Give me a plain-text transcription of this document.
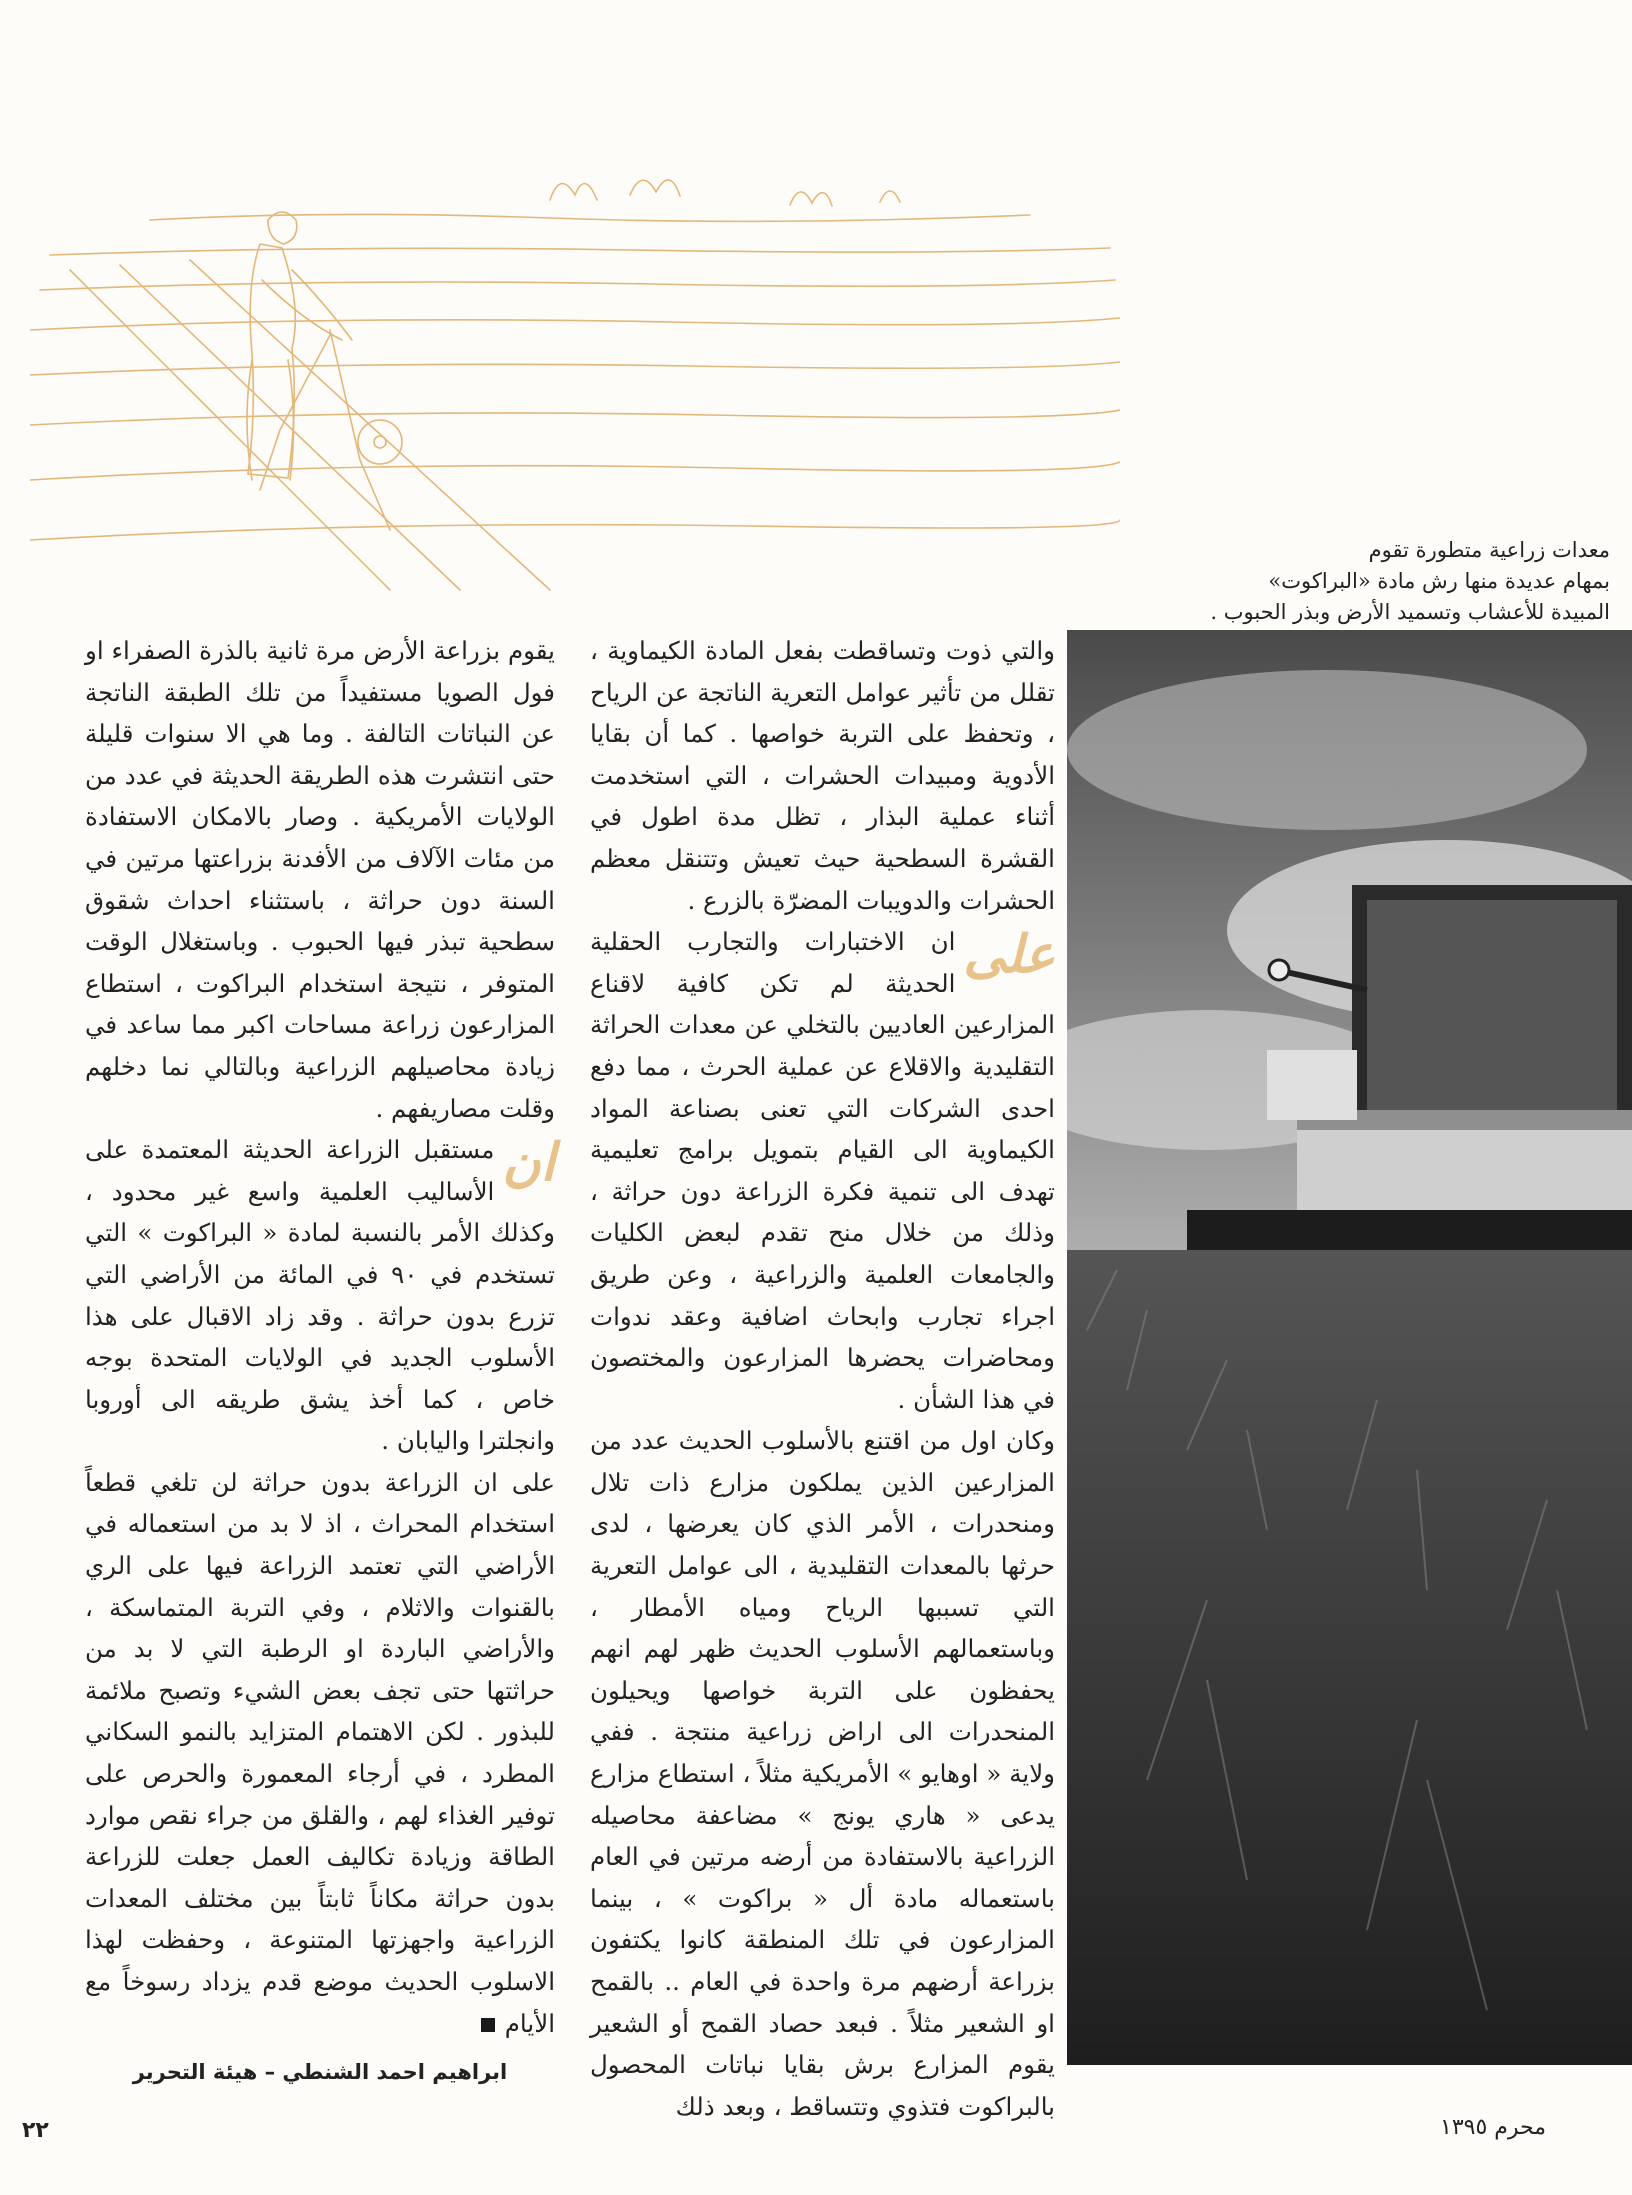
معدات زراعية متطورة تقوم

بمهام عديدة منها رش مادة «البراكوت»

المبيدة للأعشاب وتسميد الأرض وبذر الحبوب .

والتي ذوت وتساقطت بفعل المادة الكيماوية ، تقلل من تأثير عوامل التعرية الناتجة عن الرياح ، وتحفظ على التربة خواصها . كما أن بقايا الأدوية ومبيدات الحشرات ، التي استخدمت أثناء عملية البذار ، تظل مدة اطول في القشرة السطحية حيث تعيش وتتنقل معظم الحشرات والدويبات المضرّة بالزرع .

على
ان الاختبارات والتجارب الحقلية الحديثة لم تكن كافية لاقناع المزارعين العاديين بالتخلي عن معدات الحراثة التقليدية والاقلاع عن عملية الحرث ، مما دفع احدى الشركات التي تعنى بصناعة المواد الكيماوية الى القيام بتمويل برامج تعليمية تهدف الى تنمية فكرة الزراعة دون حراثة ، وذلك من خلال منح تقدم لبعض الكليات والجامعات العلمية والزراعية ، وعن طريق اجراء تجارب وابحاث اضافية وعقد ندوات ومحاضرات يحضرها المزارعون والمختصون في هذا الشأن .

وكان اول من اقتنع بالأسلوب الحديث عدد من المزارعين الذين يملكون مزارع ذات تلال ومنحدرات ، الأمر الذي كان يعرضها ، لدى حرثها بالمعدات التقليدية ، الى عوامل التعرية التي تسببها الرياح ومياه الأمطار ، وباستعمالهم الأسلوب الحديث ظهر لهم انهم يحفظون على التربة خواصها ويحيلون المنحدرات الى اراض زراعية منتجة . ففي ولاية « اوهايو » الأمريكية مثلاً ، استطاع مزارع يدعى « هاري يونج » مضاعفة محاصيله الزراعية بالاستفادة من أرضه مرتين في العام باستعماله مادة أل « براكوت » ، بينما المزارعون في تلك المنطقة كانوا يكتفون بزراعة أرضهم مرة واحدة في العام .. بالقمح او الشعير مثلاً . فبعد حصاد القمح أو الشعير يقوم المزارع برش بقايا نباتات المحصول بالبراكوت فتذوي وتتساقط ، وبعد ذلك

يقوم بزراعة الأرض مرة ثانية بالذرة الصفراء او فول الصويا مستفيداً من تلك الطبقة الناتجة عن النباتات التالفة . وما هي الا سنوات قليلة حتى انتشرت هذه الطريقة الحديثة في عدد من الولايات الأمريكية . وصار بالامكان الاستفادة من مئات الآلاف من الأفدنة بزراعتها مرتين في السنة دون حراثة ، باستثناء احداث شقوق سطحية تبذر فيها الحبوب . وباستغلال الوقت المتوفر ، نتيجة استخدام البراكوت ، استطاع المزارعون زراعة مساحات اكبر مما ساعد في زيادة محاصيلهم الزراعية وبالتالي نما دخلهم وقلت مصاريفهم .

ان
مستقبل الزراعة الحديثة المعتمدة على الأساليب العلمية واسع غير محدود ، وكذلك الأمر بالنسبة لمادة « البراكوت » التي تستخدم في ٩٠ في المائة من الأراضي التي تزرع بدون حراثة . وقد زاد الاقبال على هذا الأسلوب الجديد في الولايات المتحدة بوجه خاص ، كما أخذ يشق طريقه الى أوروبا وانجلترا واليابان .

على ان الزراعة بدون حراثة لن تلغي قطعاً استخدام المحراث ، اذ لا بد من استعماله في الأراضي التي تعتمد الزراعة فيها على الري بالقنوات والاثلام ، وفي التربة المتماسكة ، والأراضي الباردة او الرطبة التي لا بد من حراثتها حتى تجف بعض الشيء وتصبح ملائمة للبذور . لكن الاهتمام المتزايد بالنمو السكاني المطرد ، في أرجاء المعمورة والحرص على توفير الغذاء لهم ، والقلق من جراء نقص موارد الطاقة وزيادة تكاليف العمل جعلت للزراعة بدون حراثة مكاناً ثابتاً بين مختلف المعدات الزراعية واجهزتها المتنوعة ، وحفظت لهذا الاسلوب الحديث موضع قدم يزداد رسوخاً مع الأيام

ابراهيم احمد الشنطي – هيئة التحرير
٢٢	محرم ١٣٩٥
